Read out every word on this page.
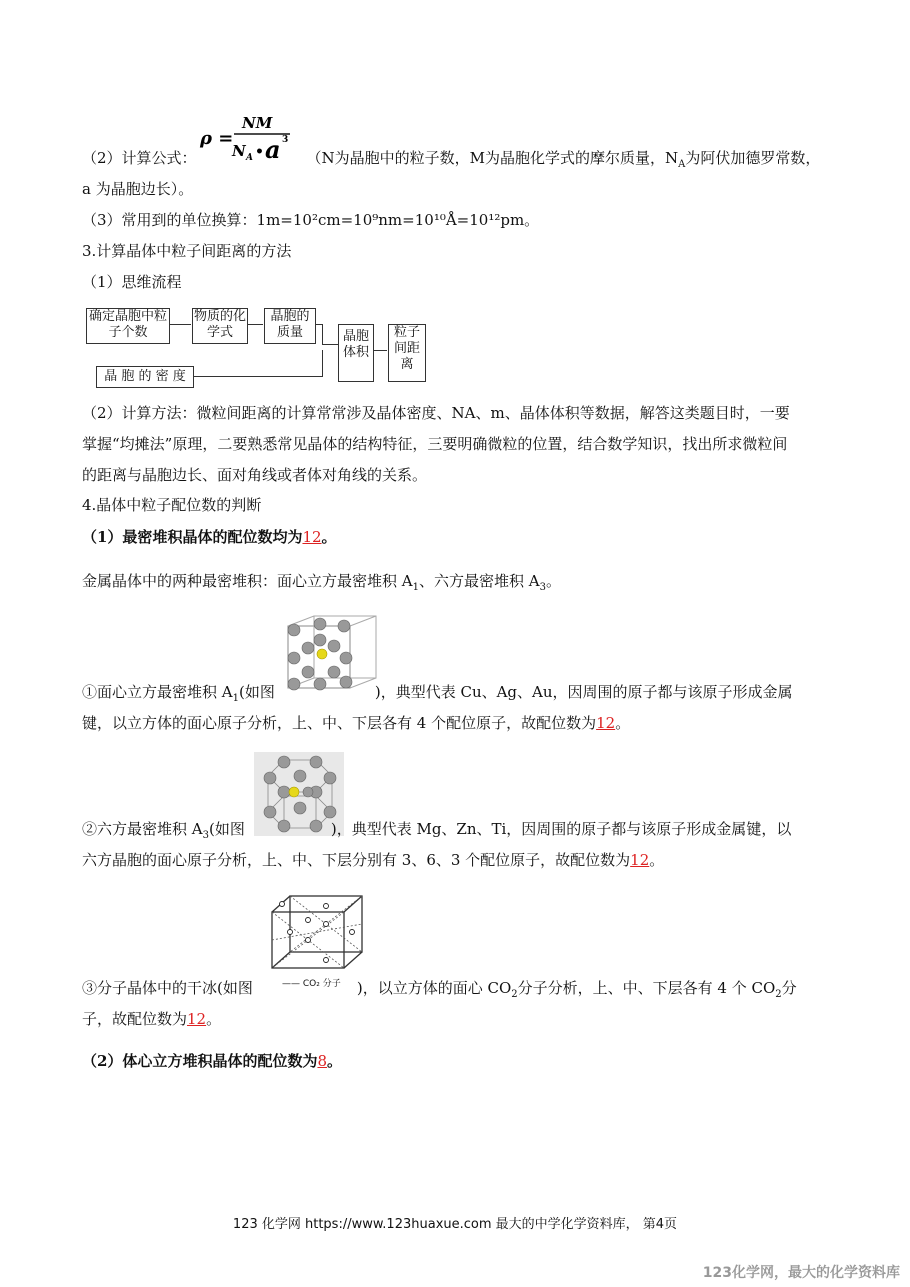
ρ =
NM
N A • a 3
（2）计算公式：	（N为晶胞中的粒子数，M为晶胞化学式的摩尔质量，$N_A$为阿伏加德罗常数，
a 为晶胞边长）。
（3）常用到的单位换算：1m=10²cm=10⁹nm=10¹⁰Å=10¹²pm。
3.计算晶体中粒子间距离的方法
（1）思维流程
确定晶胞中粒子个数
物质的化学式
晶胞的质量	晶胞体积
粒子间距离
晶 胞 的 密 度
（2）计算方法：微粒间距离的计算常常涉及晶体密度、NA、m、晶体体积等数据，解答这类题目时，一要
掌握“均摊法”原理，二要熟悉常见晶体的结构特征，三要明确微粒的位置，结合数学知识，找出所求微粒间
的距离与晶胞边长、面对角线或者体对角线的关系。
4.晶体中粒子配位数的判断
（1）最密堆积晶体的配位数均为12。
金属晶体中的两种最密堆积：面心立方最密堆积 $A_1$、六方最密堆积 $A_3$。
①面心立方最密堆积 $A_1$(如图	)，典型代表 Cu、Ag、Au，因周围的原子都与该原子形成金属
键，以立方体的面心原子分析，上、中、下层各有 4 个配位原子，故配位数为12。
②六方最密堆积 $A_3$(如图	)，典型代表 Mg、Zn、Ti，因周围的原子都与该原子形成金属键，以
六方晶胞的面心原子分析，上、中、下层分别有 3、6、3 个配位原子，故配位数为12。
—— CO₂ 分子
③分子晶体中的干冰(如图	)，以立方体的面心 $CO_2$分子分析，上、中、下层各有 4 个 $CO_2$分
子，故配位数为12。
（2）体心立方堆积晶体的配位数为8。
123 化学网 https://www.123huaxue.com 最大的中学化学资料库， 第4页
123化学网，最大的化学资料库
